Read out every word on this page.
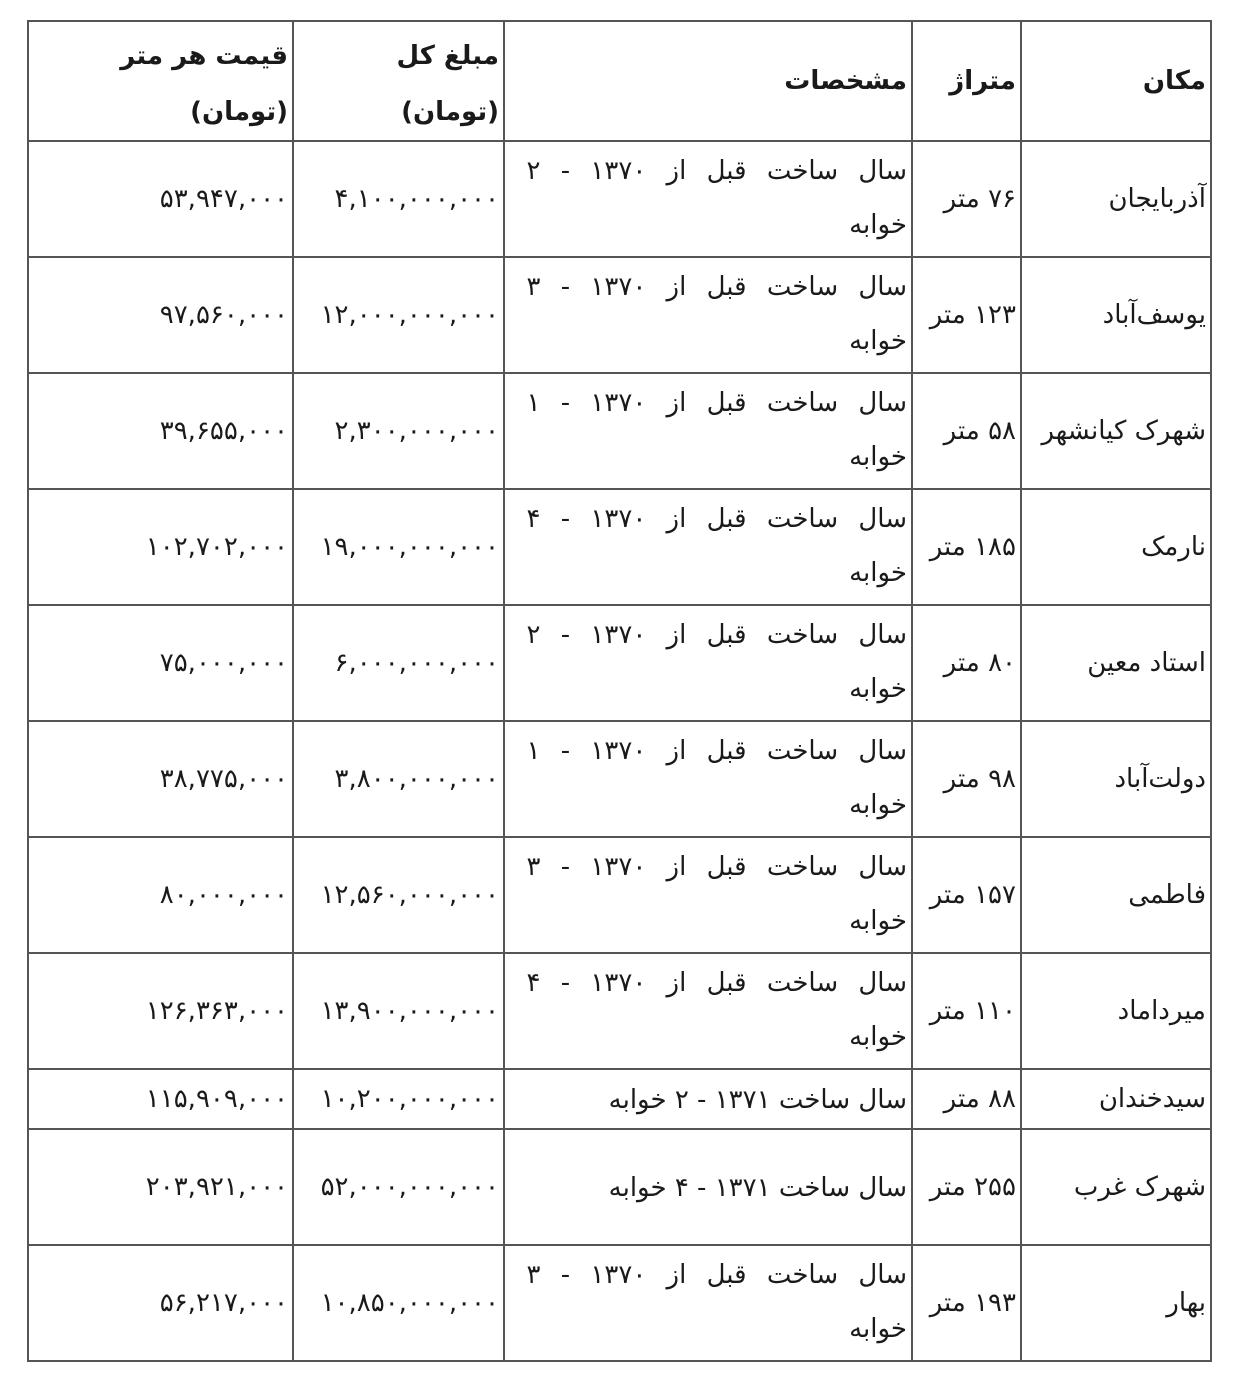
مکان	متراژ	مشخصات	مبلغ کل (تومان)	قیمت هر متر (تومان)
آذربایجان	۷۶ متر	سال ساخت قبل از ۱۳۷۰ - ۲ خوابه	۴,۱۰۰,۰۰۰,۰۰۰	۵۳,۹۴۷,۰۰۰
یوسف‌آباد	۱۲۳ متر	سال ساخت قبل از ۱۳۷۰ - ۳ خوابه	۱۲,۰۰۰,۰۰۰,۰۰۰	۹۷,۵۶۰,۰۰۰
شهرک کیانشهر	۵۸ متر	سال ساخت قبل از ۱۳۷۰ - ۱ خوابه	۲,۳۰۰,۰۰۰,۰۰۰	۳۹,۶۵۵,۰۰۰
نارمک	۱۸۵ متر	سال ساخت قبل از ۱۳۷۰ - ۴ خوابه	۱۹,۰۰۰,۰۰۰,۰۰۰	۱۰۲,۷۰۲,۰۰۰
استاد معین	۸۰ متر	سال ساخت قبل از ۱۳۷۰ - ۲ خوابه	۶,۰۰۰,۰۰۰,۰۰۰	۷۵,۰۰۰,۰۰۰
دولت‌آباد	۹۸ متر	سال ساخت قبل از ۱۳۷۰ - ۱ خوابه	۳,۸۰۰,۰۰۰,۰۰۰	۳۸,۷۷۵,۰۰۰
فاطمی	۱۵۷ متر	سال ساخت قبل از ۱۳۷۰ - ۳ خوابه	۱۲,۵۶۰,۰۰۰,۰۰۰	۸۰,۰۰۰,۰۰۰
میرداماد	۱۱۰ متر	سال ساخت قبل از ۱۳۷۰ - ۴ خوابه	۱۳,۹۰۰,۰۰۰,۰۰۰	۱۲۶,۳۶۳,۰۰۰
سیدخندان	۸۸ متر	سال ساخت ۱۳۷۱ - ۲ خوابه	۱۰,۲۰۰,۰۰۰,۰۰۰	۱۱۵,۹۰۹,۰۰۰
شهرک غرب	۲۵۵ متر	سال ساخت ۱۳۷۱ - ۴ خوابه	۵۲,۰۰۰,۰۰۰,۰۰۰	۲۰۳,۹۲۱,۰۰۰
بهار	۱۹۳ متر	سال ساخت قبل از ۱۳۷۰ - ۳ خوابه	۱۰,۸۵۰,۰۰۰,۰۰۰	۵۶,۲۱۷,۰۰۰
